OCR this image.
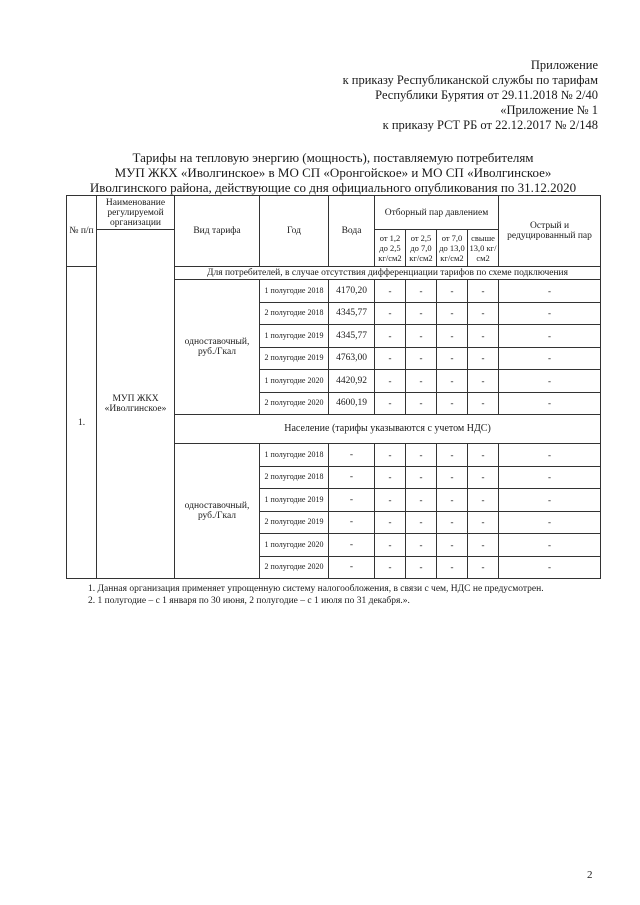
Приложение
к приказу Республиканской службы по тарифам
Республики Бурятия от 29.11.2018 № 2/40
«Приложение № 1
к приказу РСТ РБ от 22.12.2017 № 2/148
Тарифы на тепловую энергию (мощность), поставляемую потребителям
МУП ЖКХ «Иволгинское» в МО СП «Оронгойское» и МО СП «Иволгинское»
Иволгинского района, действующие со дня официального опубликования по 31.12.2020
№ п/п	Наименование регулируемой организации	Вид тарифа	Год	Вода	Отборный пар давлением				Острый и редуцированный пар
	МУП ЖКХ «Иволгинское»				от 1,2 до 2,5 кг/см2	от 2,5 до 7,0 кг/см2	от 7,0 до 13,0 кг/см2	свыше 13,0 кг/см2	
1.		Для потребителей, в случае отсутствия дифференциации тарифов по схеме подключения							
		одноставочный, руб./Гкал	1 полугодие 2018	4170,20	-	-	-	-	-
			2 полугодие 2018	4345,77	-	-	-	-	-
			1 полугодие 2019	4345,77	-	-	-	-	-
			2 полугодие 2019	4763,00	-	-	-	-	-
			1 полугодие 2020	4420,92	-	-	-	-	-
			2 полугодие 2020	4600,19	-	-	-	-	-
		Население (тарифы указываются с учетом НДС)							
		одноставочный, руб./Гкал	1 полугодие 2018	-	-	-	-	-	-
			2 полугодие 2018	-	-	-	-	-	-
			1 полугодие 2019	-	-	-	-	-	-
			2 полугодие 2019	-	-	-	-	-	-
			1 полугодие 2020	-	-	-	-	-	-
			2 полугодие 2020	-	-	-	-	-	-

1. Данная организация применяет упрощенную систему налогообложения, в связи с чем, НДС не предусмотрен.

2. 1 полугодие – с 1 января по 30 июня, 2 полугодие – с 1 июля по 31 декабря.».

2
